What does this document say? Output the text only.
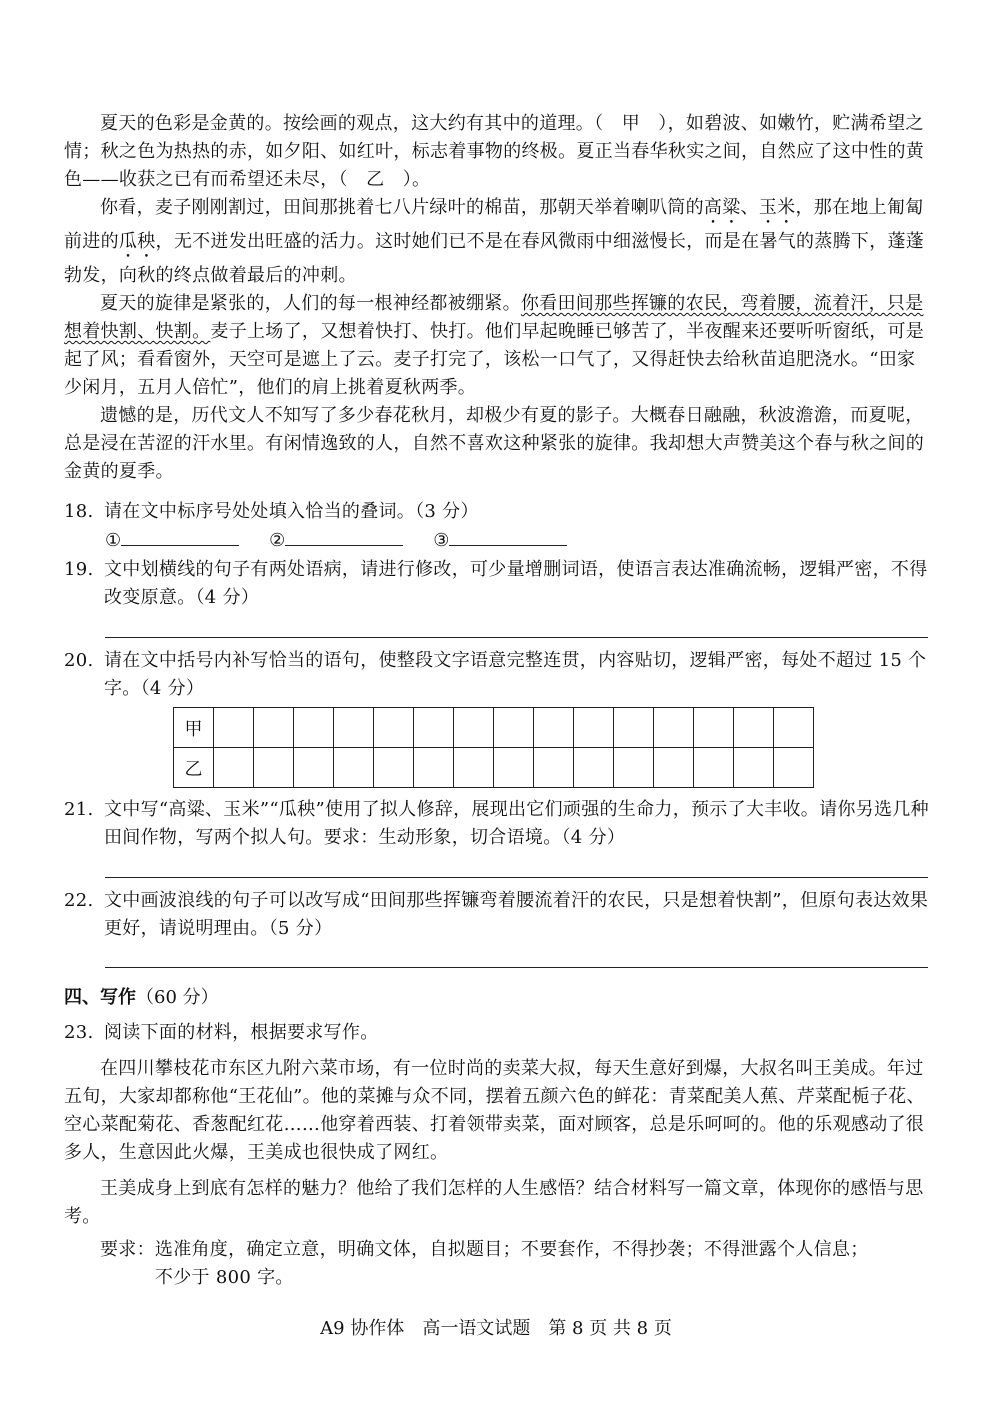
夏天的色彩是金黄的。按绘画的观点，这大约有其中的道理。（　甲　），如碧波、如嫩竹，贮满希望之情；秋之色为热热的赤，如夕阳、如红叶，标志着事物的终极。夏正当春华秋实之间，自然应了这中性的黄色——收获之已有而希望还未尽，（　乙　）。

你看，麦子刚刚割过，田间那挑着七八片绿叶的棉苗，那朝天举着喇叭筒的高粱、玉米，那在地上匍匐前进的瓜秧，无不迸发出旺盛的活力。这时她们已不是在春风微雨中细滋慢长，而是在暑气的蒸腾下，蓬蓬勃发，向秋的终点做着最后的冲刺。

夏天的旋律是紧张的，人们的每一根神经都被绷紧。你看田间那些挥镰的农民，弯着腰，流着汗，只是想着快割、快割。麦子上场了，又想着快打、快打。他们早起晚睡已够苦了，半夜醒来还要听听窗纸，可是起了风；看看窗外，天空可是遮上了云。麦子打完了，该松一口气了，又得赶快去给秋苗追肥浇水。“田家少闲月，五月人倍忙”，他们的肩上挑着夏秋两季。

遗憾的是，历代文人不知写了多少春花秋月，却极少有夏的影子。大概春日融融，秋波澹澹，而夏呢，总是浸在苦涩的汗水里。有闲情逸致的人，自然不喜欢这种紧张的旋律。我却想大声赞美这个春与秋之间的金黄的夏季。

18. 请在文中标序号处处填入恰当的叠词。（3 分）
①	②	③
19. 文中划横线的句子有两处语病，请进行修改，可少量增删词语，使语言表达准确流畅，逻辑严密，不得改变原意。（4 分）
20. 请在文中括号内补写恰当的语句，使整段文字语意完整连贯，内容贴切，逻辑严密，每处不超过 15 个字。（4 分）
甲															
乙															
21. 文中写“高粱、玉米”“瓜秧”使用了拟人修辞，展现出它们顽强的生命力，预示了大丰收。请你另选几种田间作物，写两个拟人句。要求：生动形象，切合语境。（4 分）
22. 文中画波浪线的句子可以改写成“田间那些挥镰弯着腰流着汗的农民，只是想着快割”，但原句表达效果更好，请说明理由。（5 分）
四、写作（60 分）
23. 阅读下面的材料，根据要求写作。

在四川攀枝花市东区九附六菜市场，有一位时尚的卖菜大叔，每天生意好到爆，大叔名叫王美成。年过五旬，大家却都称他“王花仙”。他的菜摊与众不同，摆着五颜六色的鲜花：青菜配美人蕉、芹菜配栀子花、空心菜配菊花、香葱配红花……他穿着西装、打着领带卖菜，面对顾客，总是乐呵呵的。他的乐观感动了很多人，生意因此火爆，王美成也很快成了网红。

王美成身上到底有怎样的魅力？他给了我们怎样的人生感悟？结合材料写一篇文章，体现你的感悟与思考。

要求： 选准角度，确定立意，明确文体，自拟题目；不要套作，不得抄袭；不得泄露个人信息；
不少于 800 字。
A9 协作体　高一语文试题　第 8 页 共 8 页
